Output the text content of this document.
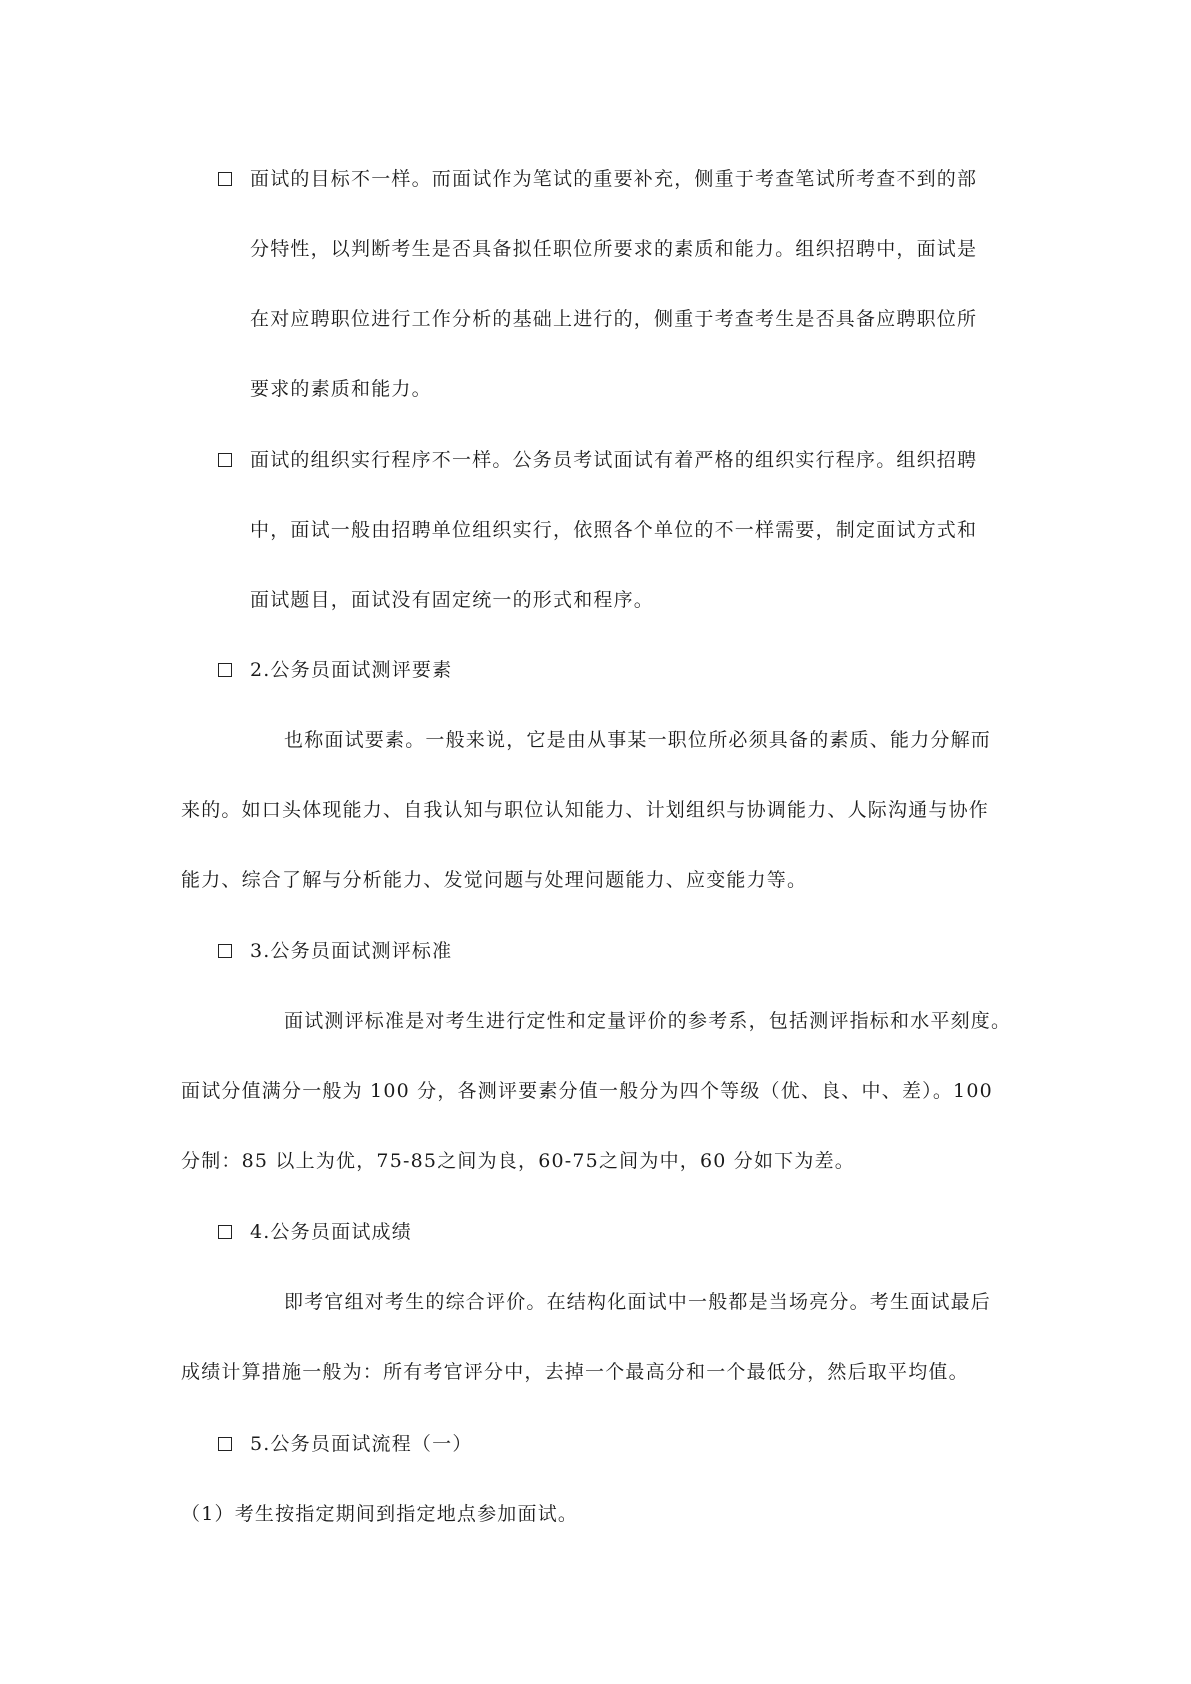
面试的目标不一样。而面试作为笔试的重要补充，侧重于考查笔试所考查不到的部
分特性，以判断考生是否具备拟任职位所要求的素质和能力。组织招聘中，面试是
在对应聘职位进行工作分析的基础上进行的，侧重于考查考生是否具备应聘职位所
要求的素质和能力。
面试的组织实行程序不一样。公务员考试面试有着严格的组织实行程序。组织招聘
中，面试一般由招聘单位组织实行，依照各个单位的不一样需要，制定面试方式和
面试题目，面试没有固定统一的形式和程序。
2.公务员面试测评要素
也称面试要素。一般来说，它是由从事某一职位所必须具备的素质、能力分解而
来的。如口头体现能力、自我认知与职位认知能力、计划组织与协调能力、人际沟通与协作
能力、综合了解与分析能力、发觉问题与处理问题能力、应变能力等。
3.公务员面试测评标准
面试测评标准是对考生进行定性和定量评价的参考系，包括测评指标和水平刻度。
面试分值满分一般为 100 分，各测评要素分值一般分为四个等级（优、良、中、差）。100
分制：85 以上为优，75-85之间为良，60-75之间为中，60 分如下为差。
4.公务员面试成绩
即考官组对考生的综合评价。在结构化面试中一般都是当场亮分。考生面试最后
成绩计算措施一般为：所有考官评分中，去掉一个最高分和一个最低分，然后取平均值。
5.公务员面试流程（一）
（1）考生按指定期间到指定地点参加面试。
